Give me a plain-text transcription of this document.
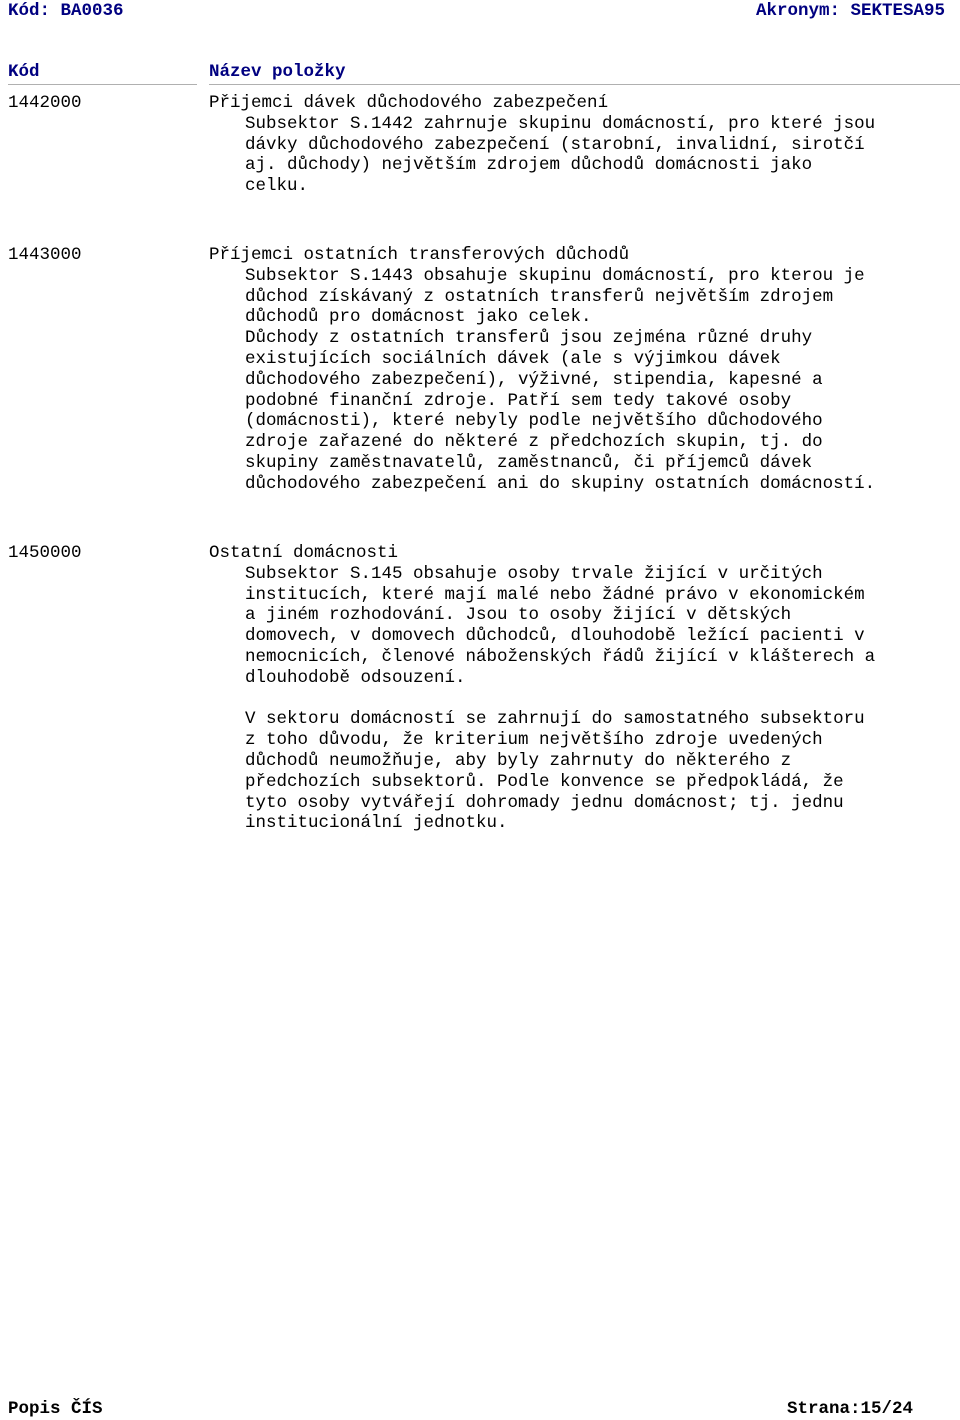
Kód: BA0036	Akronym: SEKTESA95
Kód	Název položky
1442000	Přijemci dávek důchodového zabezpečení

Subsektor S.1442 zahrnuje skupinu domácností, pro které jsou
dávky důchodového zabezpečení (starobní, invalidní, sirotčí
aj. důchody) největším zdrojem důchodů domácnosti jako
celku.

1443000	Příjemci ostatních transferových důchodů

Subsektor S.1443 obsahuje skupinu domácností, pro kterou je
důchod získávaný z ostatních transferů největším zdrojem
důchodů pro domácnost jako celek.
Důchody z ostatních transferů jsou zejména různé druhy
existujících sociálních dávek (ale s výjimkou dávek
důchodového zabezpečení), výživné, stipendia, kapesné a
podobné finanční zdroje. Patří sem tedy takové osoby
(domácnosti), které nebyly podle největšího důchodového
zdroje zařazené do některé z předchozích skupin, tj. do
skupiny zaměstnavatelů, zaměstnanců, či příjemců dávek
důchodového zabezpečení ani do skupiny ostatních domácností.

1450000	Ostatní domácnosti

Subsektor S.145 obsahuje osoby trvale žijící v určitých
institucích, které mají malé nebo žádné právo v ekonomickém
a jiném rozhodování. Jsou to osoby žijící v dětských
domovech, v domovech důchodců, dlouhodobě ležící pacienti v
nemocnicích, členové náboženských řádů žijící v klášterech a
dlouhodobě odsouzení.

V sektoru domácností se zahrnují do samostatného subsektoru
z toho důvodu, že kriterium největšího zdroje uvedených
důchodů neumožňuje, aby byly zahrnuty do některého z
předchozích subsektorů. Podle konvence se předpokládá, že
tyto osoby vytvářejí dohromady jednu domácnost; tj. jednu
institucionální jednotku.

Popis ČÍS	Strana:15/24
